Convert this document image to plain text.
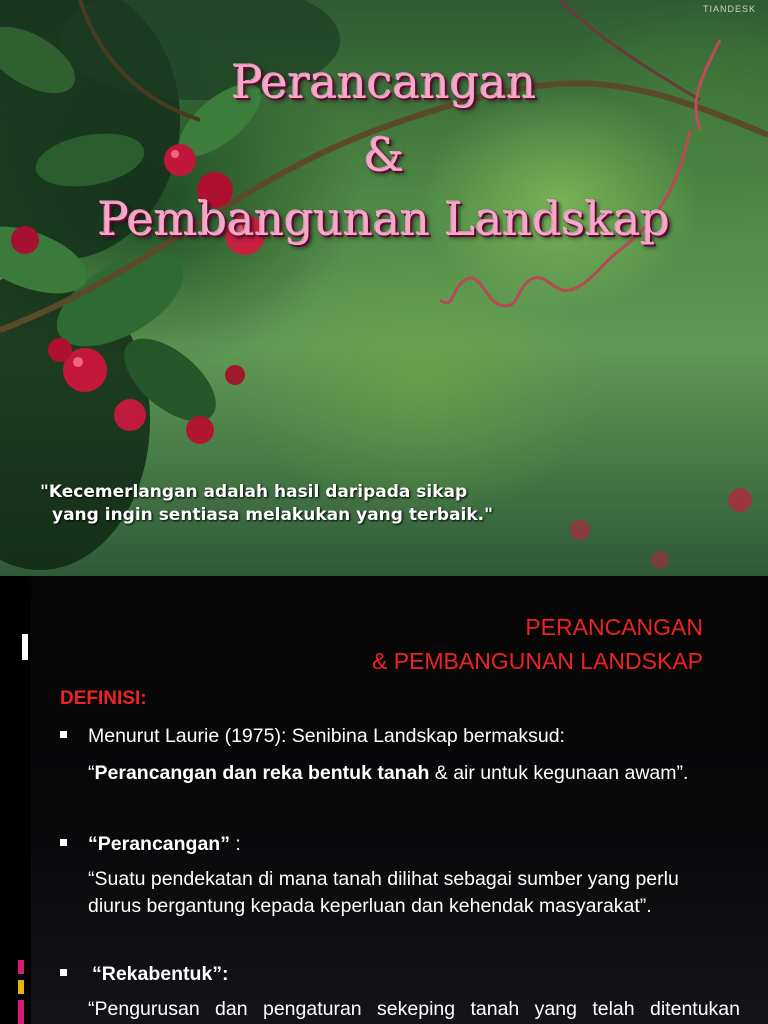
TIANDESK
Perancangan
&
Pembangunan Landskap
"Kecemerlangan adalah hasil daripada sikap
yang ingin sentiasa melakukan yang terbaik."
PERANCANGAN
& PEMBANGUNAN LANDSKAP
DEFINISI:
Menurut Laurie (1975): Senibina Landskap bermaksud:
“Perancangan dan reka bentuk tanah & air untuk kegunaan awam”.
“Perancangan” :
“Suatu pendekatan di mana tanah dilihat sebagai sumber yang perlu
diurus bergantung kepada keperluan dan kehendak masyarakat”.
“Rekabentuk”:
“Pengurusan dan pengaturan sekeping tanah yang telah ditentukan
